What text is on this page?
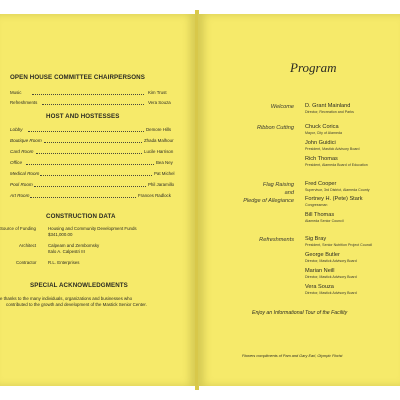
OPEN HOUSE COMMITTEE CHAIRPERSONS
Music	Kim Trust
Refreshments	Vera Souza
HOST AND HOSTESSES
Lobby	Demore Hills
Boutique Room	Zhada Malhour
Card Room	Lucile Harrison
Office	Bea Ney
Medical Room	Pat Michel
Pool Room	Phil Jaramillo
Art Room	Frances Radlock
CONSTRUCTION DATA
Source of Funding	Housing and Community Development Funds
$341,000.00
Architect	Calpeam and Zembomsky
Italo A. Calpestri III
Contractor	R.L. Enterprises
SPECIAL ACKNOWLEDGMENTS
e thanks to the many individuals, organizations and businesses who
contributed to the growth and development of the Mastick Senior Center.
Program
Welcome D. Grant Mainland
Director, Recreation and Parks
Ribbon Cutting Chuck Corica
Mayor, City of Alameda
John Guidici
President, Mastick Advisory Board
Rich Thomas
President, Alameda Board of Education
Flag Raising
and
Pledge of Allegiance
Fred Cooper
Supervisor, 3rd District, Alameda County
Fortney H. (Pete) Stark
Congressman
Bill Thomas
Alameda Senior Council
Refreshments Sig Bray
President, Senior Nutrition Project Council
George Butler
Director, Mastick Advisory Board
Marian Neill
Director, Mastick Advisory Board
Vera Souza
Director, Mastick Advisory Board
Enjoy an Informational Tour of the Facility
Flowers compliments of Pam and Gary Earl, Olympic Florist
